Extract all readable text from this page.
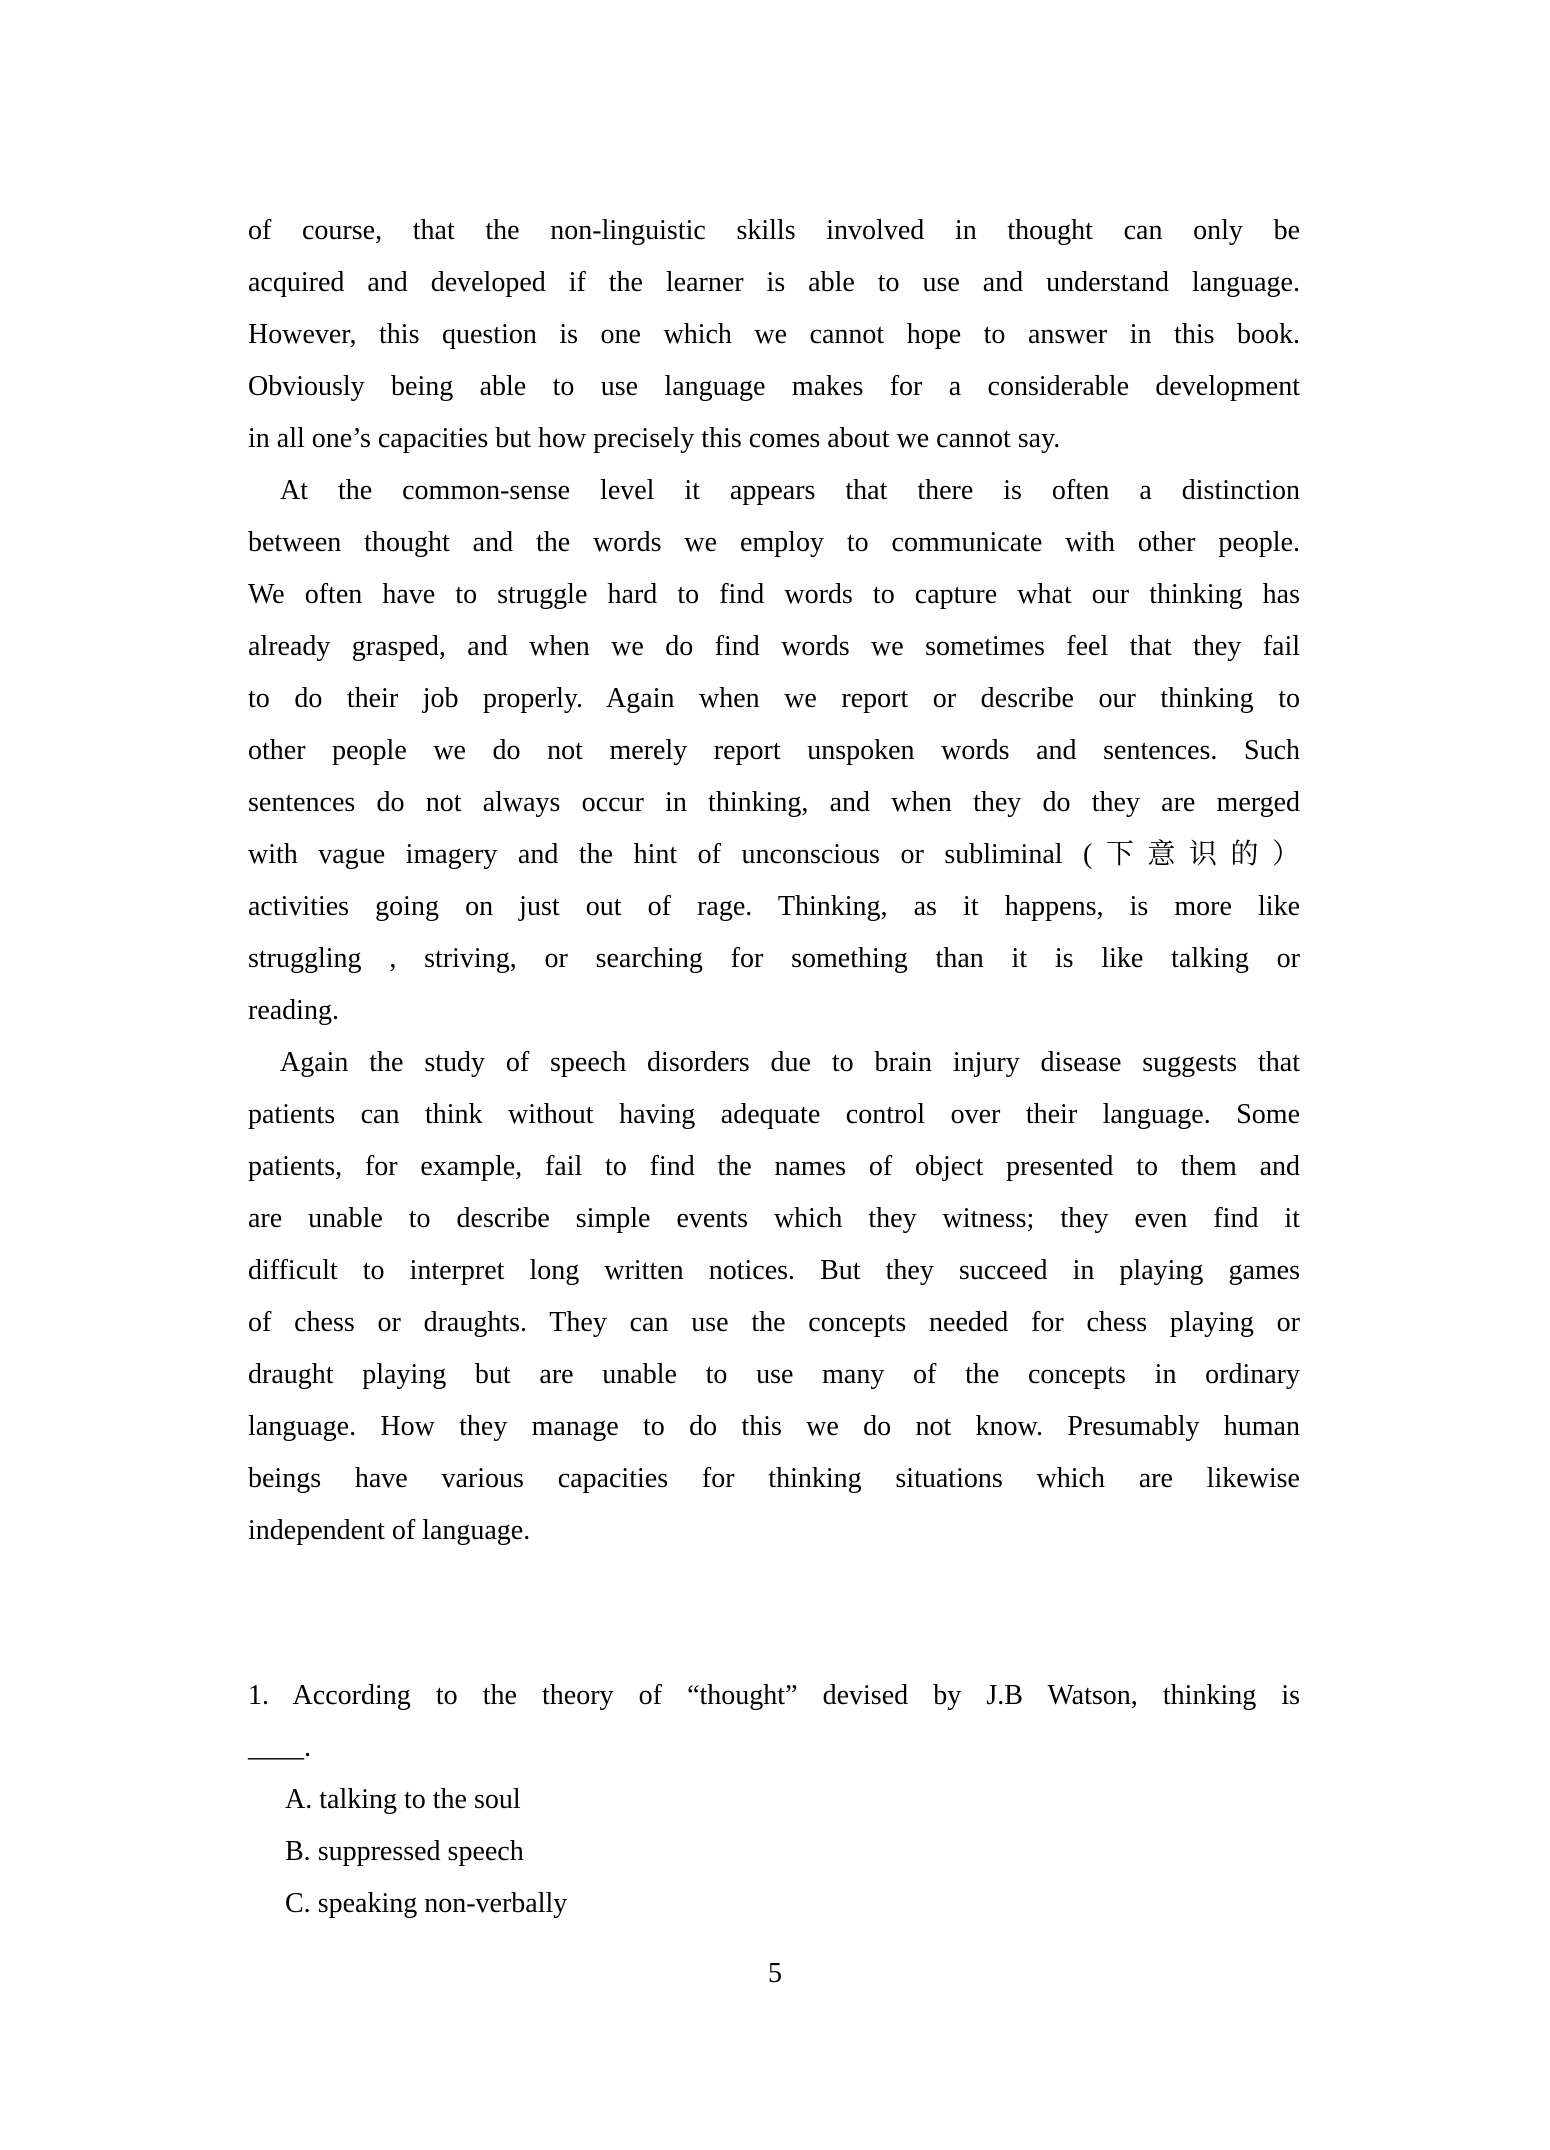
of course, that the non-linguistic skills involved in thought can only be
acquired and developed if the learner is able to use and understand language.
However, this question is one which we cannot hope to answer in this book.
Obviously being able to use language makes for a considerable development
in all one’s capacities but how precisely this comes about we cannot say.
At the common-sense level it appears that there is often a distinction
between thought and the words we employ to communicate with other people.
We often have to struggle hard to find words to capture what our thinking has
already grasped, and when we do find words we sometimes feel that they fail
to do their job properly. Again when we report or describe our thinking to
other people we do not merely report unspoken words and sentences. Such
sentences do not always occur in thinking, and when they do they are merged
with vague imagery and the hint of unconscious or subliminal (下意识的）
activities going on just out of rage. Thinking, as it happens, is more like
struggling , striving, or searching for something than it is like talking or
reading.
Again the study of speech disorders due to brain injury disease suggests that
patients can think without having adequate control over their language. Some
patients, for example, fail to find the names of object presented to them and
are unable to describe simple events which they witness; they even find it
difficult to interpret long written notices. But they succeed in playing games
of chess or draughts. They can use the concepts needed for chess playing or
draught playing but are unable to use many of the concepts in ordinary
language. How they manage to do this we do not know. Presumably human
beings have various capacities for thinking situations which are likewise
independent of language.
1. According to the theory of “thought” devised by J.B Watson, thinking is
____.
A. talking to the soul
B. suppressed speech
C. speaking non-verbally
5
